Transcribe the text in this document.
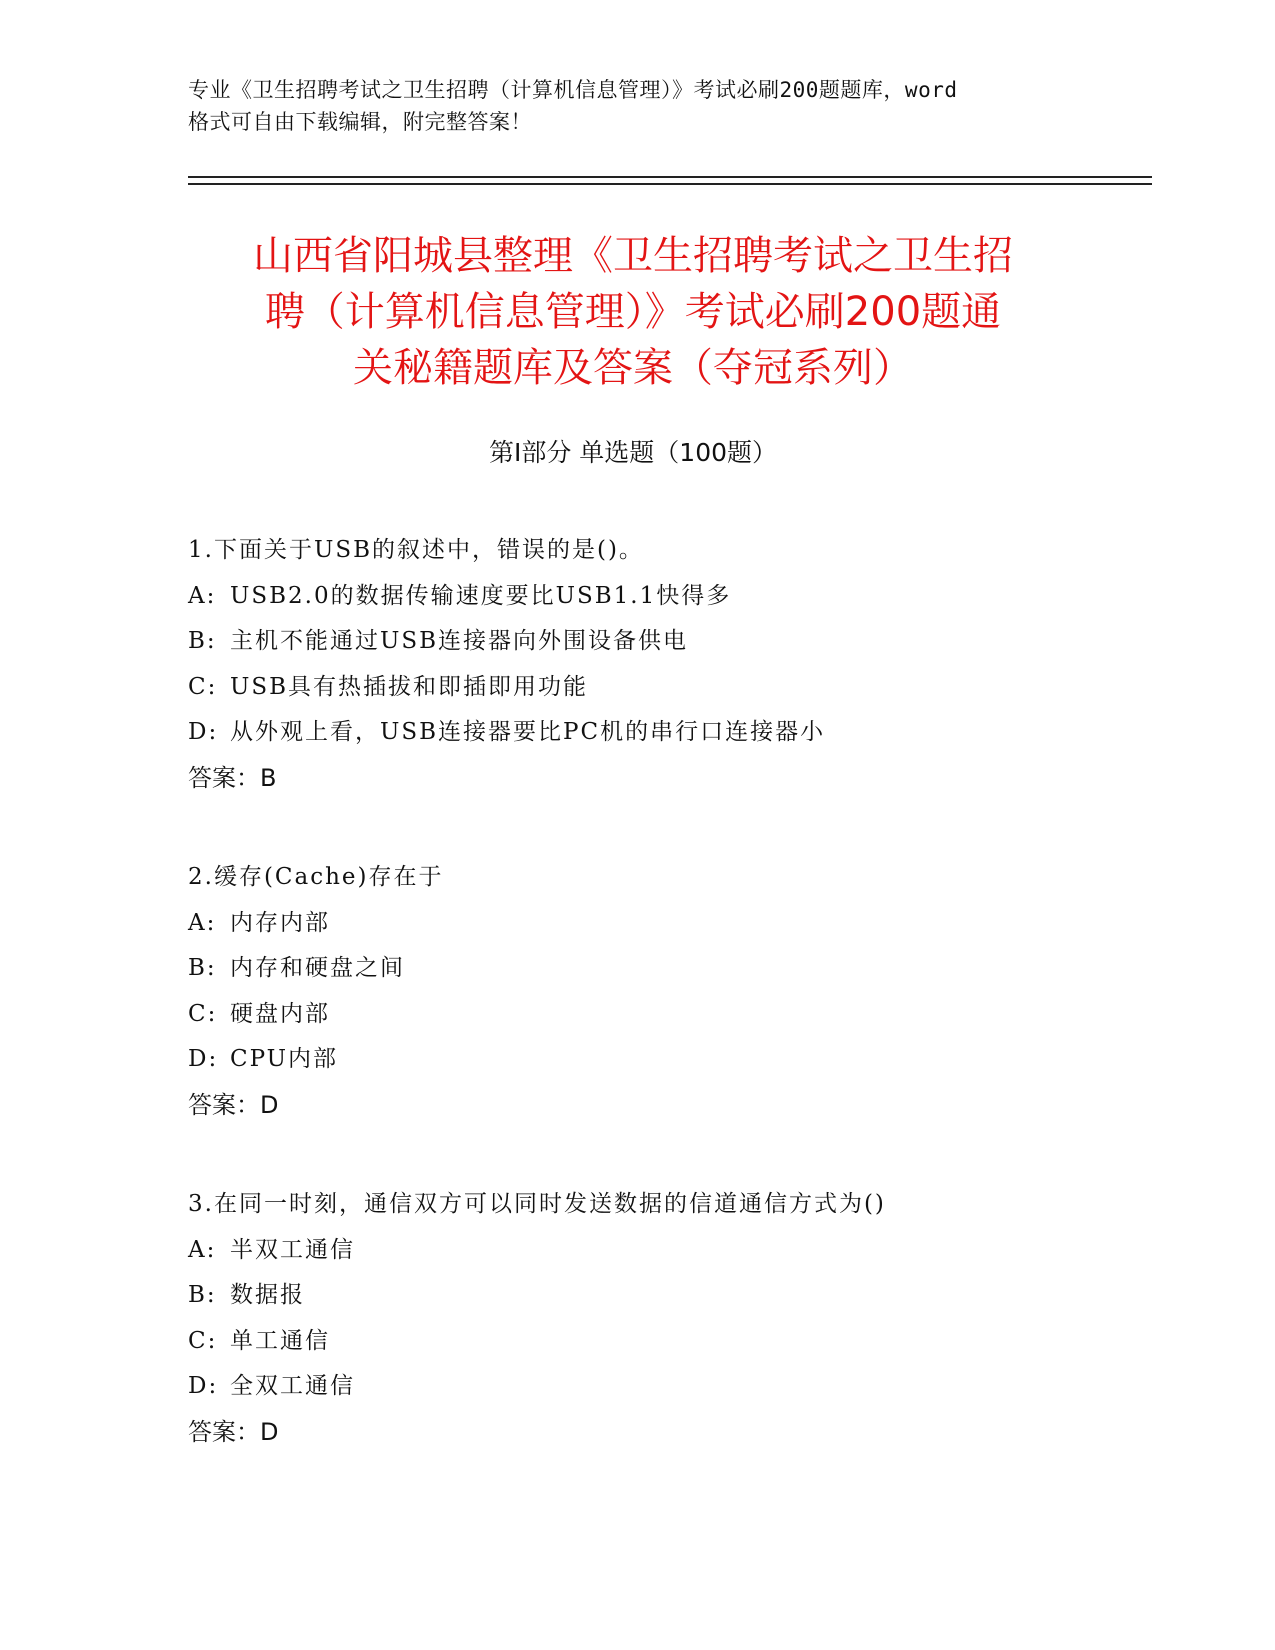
专业《卫生招聘考试之卫生招聘（计算机信息管理）》考试必刷200题题库，word
格式可自由下载编辑，附完整答案！
山西省阳城县整理《卫生招聘考试之卫生招
聘（计算机信息管理）》考试必刷200题通
关秘籍题库及答案（夺冠系列）
第Ⅰ部分 单选题（100题）
1.下面关于USB的叙述中，错误的是()。
A: USB2.0的数据传输速度要比USB1.1快得多
B: 主机不能通过USB连接器向外围设备供电
C: USB具有热插拔和即插即用功能
D: 从外观上看，USB连接器要比PC机的串行口连接器小
答案：B
2.缓存(Cache)存在于
A: 内存内部
B: 内存和硬盘之间
C: 硬盘内部
D: CPU内部
答案：D
3.在同一时刻，通信双方可以同时发送数据的信道通信方式为()
A: 半双工通信
B: 数据报
C: 单工通信
D: 全双工通信
答案：D
